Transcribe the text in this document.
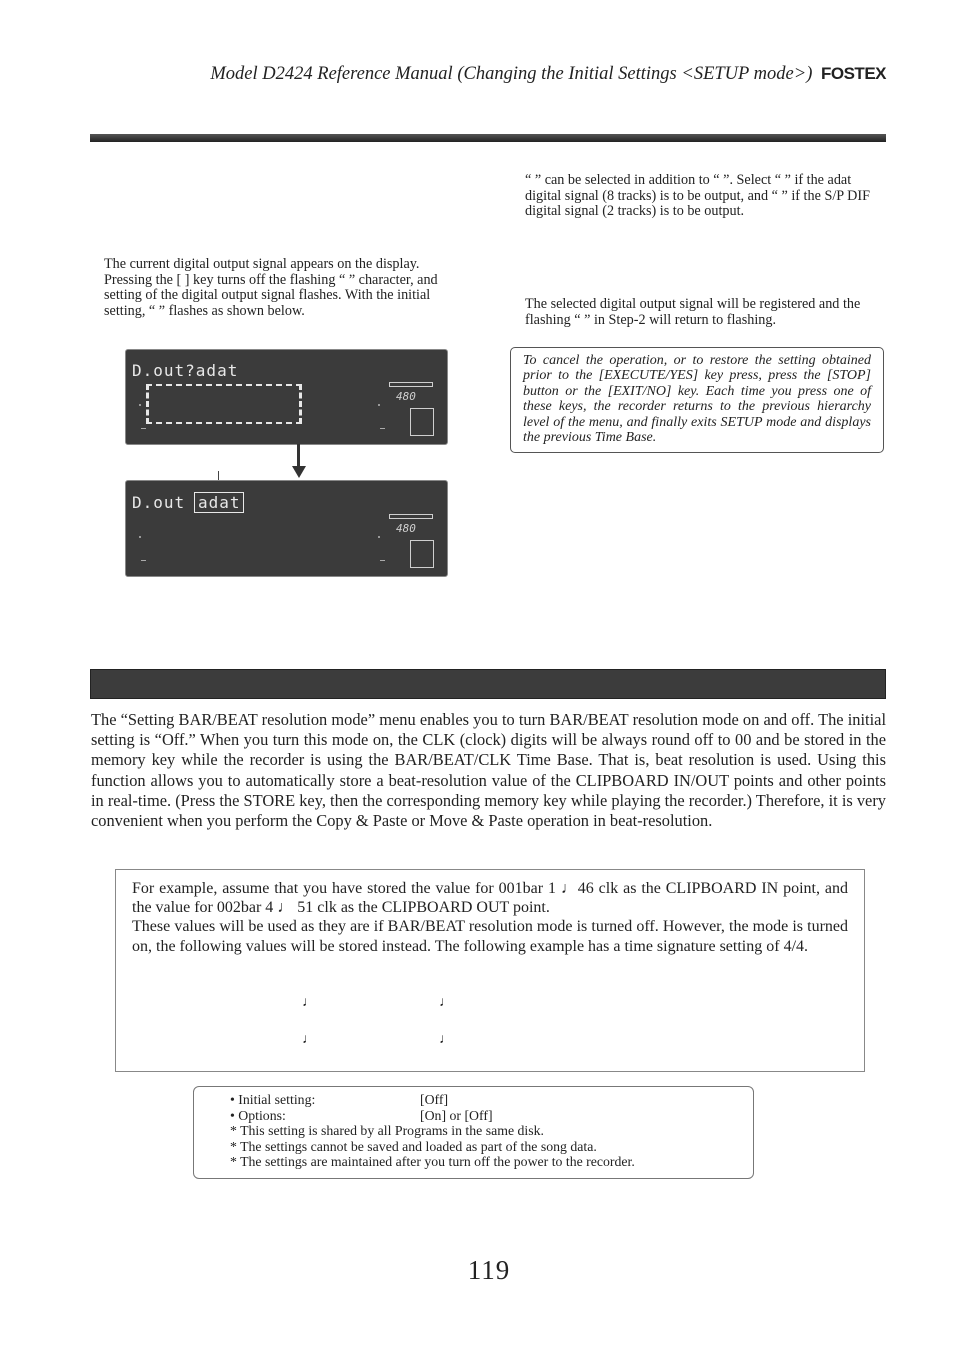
Model D2424 Reference Manual (Changing the Initial Settings <SETUP mode>) FOSTEX

The current digital output signal appears on the display. Pressing the [ ] key turns off the flashing “ ” character, and setting of the digital output signal flashes. With the initial setting, “ ” flashes as shown below.

“ ” can be selected in addition to “ ”. Select “ ” if the adat digital signal (8 tracks) is to be output, and “ ” if the S/P DIF digital signal (2 tracks) is to be output.

The selected digital output signal will be registered and the flashing “ ” in Step-2 will return to flashing.

To cancel the operation, or to restore the setting obtained prior to the [EXECUTE/YES] key press, press the [STOP] button or the [EXIT/NO] key. Each time you press one of these keys, the recorder returns to the previous hierarchy level of the menu, and finally exits SETUP mode and displays the previous Time Base.
D.out?adat
480
D.out adat
480

The “Setting BAR/BEAT resolution mode” menu enables you to turn BAR/BEAT resolution mode on and off. The initial setting is “Off.” When you turn this mode on, the CLK (clock) digits will be always round off to 00 and be stored in the memory key while the recorder is using the BAR/BEAT/CLK Time Base. That is, beat resolution is used. Using this function allows you to automatically store a beat-resolution value of the CLIPBOARD IN/OUT points and other points in real-time. (Press the STORE key, then the corresponding memory key while playing the recorder.) Therefore, it is very convenient when you perform the Copy & Paste or Move & Paste operation in beat-resolution.

For example, assume that you have stored the value for 001bar 1 ♩46 clk as the CLIPBOARD IN point, and the value for 002bar 4 ♩ 51 clk as the CLIPBOARD OUT point.
These values will be used as they are if BAR/BEAT resolution mode is turned off. However, the mode is turned on, the following values will be stored instead. The following example has a time signature setting of 4/4.
♩	♩
♩	♩
• Initial setting:	[Off]
• Options:	[On] or [Off]
* This setting is shared by all Programs in the same disk.
* The settings cannot be saved and loaded as part of the song data.
* The settings are maintained after you turn off the power to the recorder.
119
